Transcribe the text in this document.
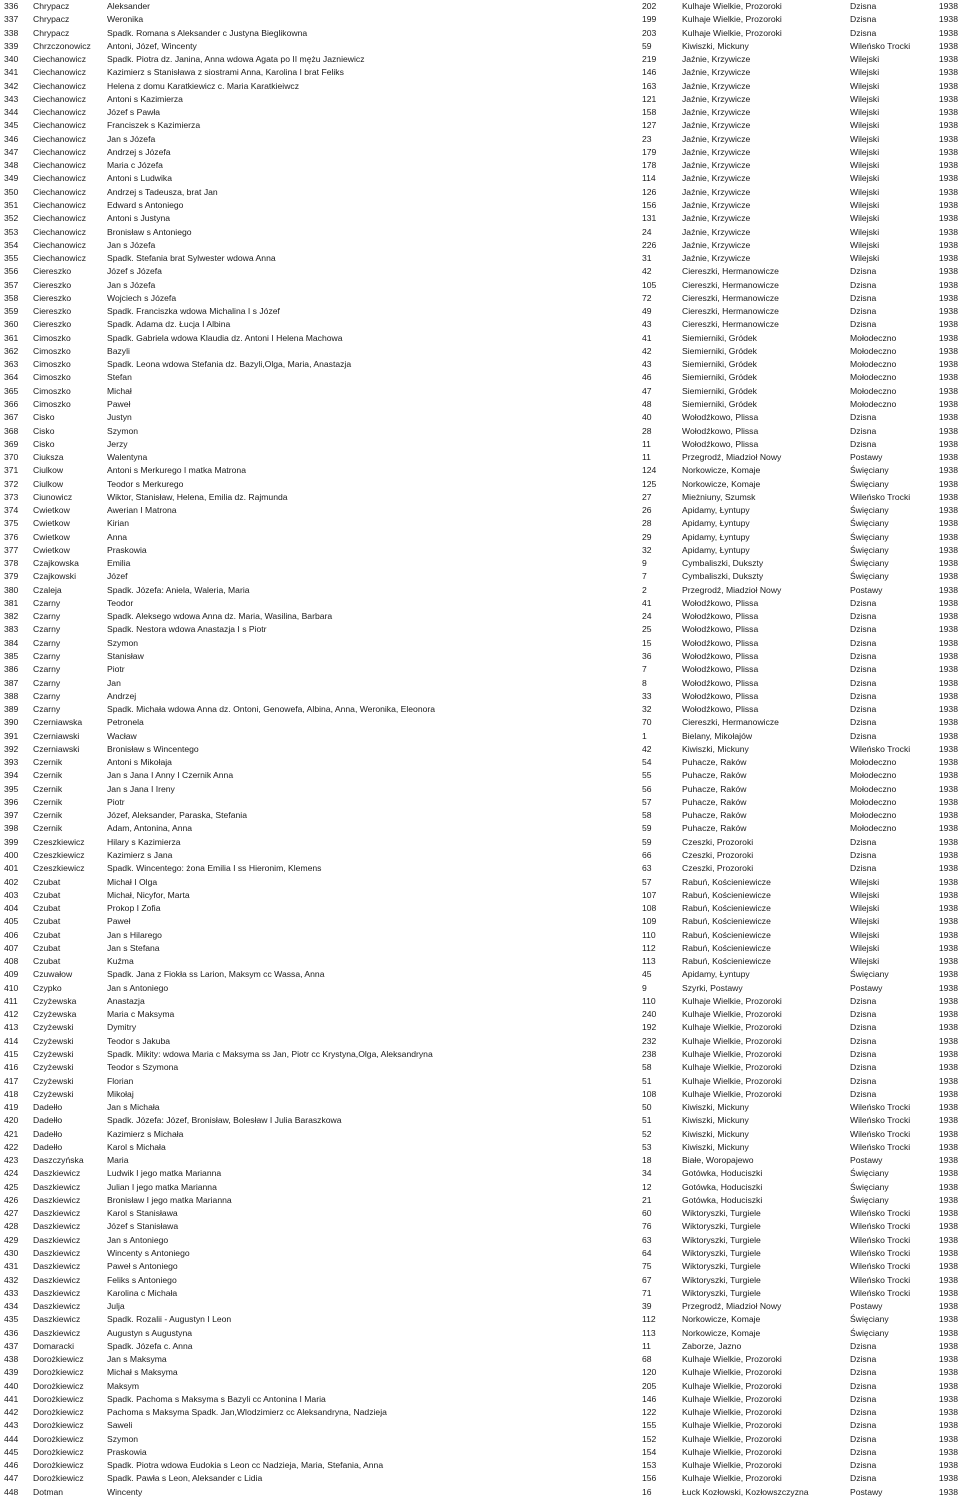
336	Chrypacz	Aleksander	202	Kulhaje Wielkie, Prozoroki	Dzisna	1938
337	Chrypacz	Weronika	199	Kulhaje Wielkie, Prozoroki	Dzisna	1938
338	Chrypacz	Spadk. Romana s Aleksander c Justyna Bieglikowna	203	Kulhaje Wielkie, Prozoroki	Dzisna	1938
339	Chrzczonowicz	Antoni, Józef, Wincenty	59	Kiwiszki, Mickuny	Wileńsko Trocki	1938
340	Ciechanowicz	Spadk. Piotra dz. Janina, Anna wdowa Agata po II mężu Jazniewicz	219	Jaźnie, Krzywicze	Wilejski	1938
341	Ciechanowicz	Kazimierz s Stanisława z siostrami Anna, Karolina I brat Feliks	146	Jaźnie, Krzywicze	Wilejski	1938
342	Ciechanowicz	Helena z domu Karatkiewicz c. Maria Karatkieiwcz	163	Jaźnie, Krzywicze	Wilejski	1938
343	Ciechanowicz	Antoni s Kazimierza	121	Jaźnie, Krzywicze	Wilejski	1938
344	Ciechanowicz	Józef s Pawła	158	Jaźnie, Krzywicze	Wilejski	1938
345	Ciechanowicz	Franciszek s Kazimierza	127	Jaźnie, Krzywicze	Wilejski	1938
346	Ciechanowicz	Jan s Józefa	23	Jaźnie, Krzywicze	Wilejski	1938
347	Ciechanowicz	Andrzej s Józefa	179	Jaźnie, Krzywicze	Wilejski	1938
348	Ciechanowicz	Maria c Józefa	178	Jaźnie, Krzywicze	Wilejski	1938
349	Ciechanowicz	Antoni s Ludwika	114	Jaźnie, Krzywicze	Wilejski	1938
350	Ciechanowicz	Andrzej s Tadeusza, brat Jan	126	Jaźnie, Krzywicze	Wilejski	1938
351	Ciechanowicz	Edward s Antoniego	156	Jaźnie, Krzywicze	Wilejski	1938
352	Ciechanowicz	Antoni s Justyna	131	Jaźnie, Krzywicze	Wilejski	1938
353	Ciechanowicz	Bronisław s Antoniego	24	Jaźnie, Krzywicze	Wilejski	1938
354	Ciechanowicz	Jan s Józefa	226	Jaźnie, Krzywicze	Wilejski	1938
355	Ciechanowicz	Spadk. Stefania brat Sylwester wdowa Anna	31	Jaźnie, Krzywicze	Wilejski	1938
356	Ciereszko	Józef s Józefa	42	Ciereszki, Hermanowicze	Dzisna	1938
357	Ciereszko	Jan s Józefa	105	Ciereszki, Hermanowicze	Dzisna	1938
358	Ciereszko	Wojciech s Józefa	72	Ciereszki, Hermanowicze	Dzisna	1938
359	Ciereszko	Spadk. Franciszka wdowa Michalina I s Józef	49	Ciereszki, Hermanowicze	Dzisna	1938
360	Ciereszko	Spadk. Adama dz. Łucja I Albina	43	Ciereszki, Hermanowicze	Dzisna	1938
361	Cimoszko	Spadk. Gabriela wdowa Klaudia dz. Antoni I Helena Machowa	41	Siemierniki, Gródek	Mołodeczno	1938
362	Cimoszko	Bazyli	42	Siemierniki, Gródek	Mołodeczno	1938
363	Cimoszko	Spadk. Leona wdowa Stefania dz. Bazyli,Olga, Maria, Anastazja	43	Siemierniki, Gródek	Mołodeczno	1938
364	Cimoszko	Stefan	46	Siemierniki, Gródek	Mołodeczno	1938
365	Cimoszko	Michał	47	Siemierniki, Gródek	Mołodeczno	1938
366	Cimoszko	Paweł	48	Siemierniki, Gródek	Mołodeczno	1938
367	Cisko	Justyn	40	Wołodźkowo, Plissa	Dzisna	1938
368	Cisko	Szymon	28	Wołodźkowo, Plissa	Dzisna	1938
369	Cisko	Jerzy	11	Wołodźkowo, Plissa	Dzisna	1938
370	Ciuksza	Walentyna	11	Przegrodź, Miadzioł Nowy	Postawy	1938
371	Ciulkow	Antoni s Merkurego I matka Matrona	124	Norkowicze, Komaje	Święciany	1938
372	Ciulkow	Teodor s Merkurego	125	Norkowicze, Komaje	Święciany	1938
373	Ciunowicz	Wiktor, Stanisław, Helena, Emilia dz. Rajmunda	27	Mieżniuny, Szumsk	Wileńsko Trocki	1938
374	Cwietkow	Awerian I Matrona	26	Apidamy, Łyntupy	Święciany	1938
375	Cwietkow	Kirian	28	Apidamy, Łyntupy	Święciany	1938
376	Cwietkow	Anna	29	Apidamy, Łyntupy	Święciany	1938
377	Cwietkow	Praskowia	32	Apidamy, Łyntupy	Święciany	1938
378	Czajkowska	Emilia	9	Cymbaliszki, Dukszty	Święciany	1938
379	Czajkowski	Józef	7	Cymbaliszki, Dukszty	Święciany	1938
380	Czaleja	Spadk. Józefa: Aniela, Waleria, Maria	2	Przegrodź, Miadzioł Nowy	Postawy	1938
381	Czarny	Teodor	41	Wołodźkowo, Plissa	Dzisna	1938
382	Czarny	Spadk. Aleksego wdowa Anna dz. Maria, Wasilina, Barbara	24	Wołodźkowo, Plissa	Dzisna	1938
383	Czarny	Spadk. Nestora wdowa Anastazja I s Piotr	25	Wołodźkowo, Plissa	Dzisna	1938
384	Czarny	Szymon	15	Wołodźkowo, Plissa	Dzisna	1938
385	Czarny	Stanisław	36	Wołodźkowo, Plissa	Dzisna	1938
386	Czarny	Piotr	7	Wołodźkowo, Plissa	Dzisna	1938
387	Czarny	Jan	8	Wołodźkowo, Plissa	Dzisna	1938
388	Czarny	Andrzej	33	Wołodźkowo, Plissa	Dzisna	1938
389	Czarny	Spadk. Michała wdowa Anna dz. Ontoni, Genowefa, Albina, Anna, Weronika, Eleonora	32	Wołodźkowo, Plissa	Dzisna	1938
390	Czerniawska	Petronela	70	Ciereszki, Hermanowicze	Dzisna	1938
391	Czerniawski	Wacław	1	Bielany, Mikołajów	Dzisna	1938
392	Czerniawski	Bronisław s Wincentego	42	Kiwiszki, Mickuny	Wileńsko Trocki	1938
393	Czernik	Antoni s Mikołaja	54	Puhacze, Raków	Mołodeczno	1938
394	Czernik	Jan s Jana I Anny I Czernik Anna	55	Puhacze, Raków	Mołodeczno	1938
395	Czernik	Jan s Jana I Ireny	56	Puhacze, Raków	Mołodeczno	1938
396	Czernik	Piotr	57	Puhacze, Raków	Mołodeczno	1938
397	Czernik	Józef, Aleksander, Paraska, Stefania	58	Puhacze, Raków	Mołodeczno	1938
398	Czernik	Adam, Antonina, Anna	59	Puhacze, Raków	Mołodeczno	1938
399	Czeszkiewicz	Hilary s Kazimierza	59	Czeszki, Prozoroki	Dzisna	1938
400	Czeszkiewicz	Kazimierz s Jana	66	Czeszki, Prozoroki	Dzisna	1938
401	Czeszkiewicz	Spadk. Wincentego: żona Emilia I ss Hieronim, Klemens	63	Czeszki, Prozoroki	Dzisna	1938
402	Czubat	Michał I Olga	57	Rabuń, Kościeniewicze	Wilejski	1938
403	Czubat	Michał, Nicyfor, Marta	107	Rabuń, Kościeniewicze	Wilejski	1938
404	Czubat	Prokop I Zofia	108	Rabuń, Kościeniewicze	Wilejski	1938
405	Czubat	Paweł	109	Rabuń, Kościeniewicze	Wilejski	1938
406	Czubat	Jan s Hilarego	110	Rabuń, Kościeniewicze	Wilejski	1938
407	Czubat	Jan s Stefana	112	Rabuń, Kościeniewicze	Wilejski	1938
408	Czubat	Kuźma	113	Rabuń, Kościeniewicze	Wilejski	1938
409	Czuwałow	Spadk. Jana z Fiokła ss Larion, Maksym cc Wassa, Anna	45	Apidamy, Łyntupy	Święciany	1938
410	Czypko	Jan s Antoniego	9	Szyrki, Postawy	Postawy	1938
411	Czyżewska	Anastazja	110	Kulhaje Wielkie, Prozoroki	Dzisna	1938
412	Czyżewska	Maria c Maksyma	240	Kulhaje Wielkie, Prozoroki	Dzisna	1938
413	Czyżewski	Dymitry	192	Kulhaje Wielkie, Prozoroki	Dzisna	1938
414	Czyżewski	Teodor s Jakuba	232	Kulhaje Wielkie, Prozoroki	Dzisna	1938
415	Czyżewski	Spadk. Mikity: wdowa Maria c Maksyma ss Jan, Piotr cc Krystyna,Olga, Aleksandryna	238	Kulhaje Wielkie, Prozoroki	Dzisna	1938
416	Czyżewski	Teodor s Szymona	58	Kulhaje Wielkie, Prozoroki	Dzisna	1938
417	Czyżewski	Florian	51	Kulhaje Wielkie, Prozoroki	Dzisna	1938
418	Czyżewski	Mikołaj	108	Kulhaje Wielkie, Prozoroki	Dzisna	1938
419	Dadełło	Jan s Michała	50	Kiwiszki, Mickuny	Wileńsko Trocki	1938
420	Dadełło	Spadk. Józefa: Józef, Bronisław, Bolesław I Julia Baraszkowa	51	Kiwiszki, Mickuny	Wileńsko Trocki	1938
421	Dadełło	Kazimierz s Michała	52	Kiwiszki, Mickuny	Wileńsko Trocki	1938
422	Dadełło	Karol s Michała	53	Kiwiszki, Mickuny	Wileńsko Trocki	1938
423	Daszczyńska	Maria	18	Białe, Woropajewo	Postawy	1938
424	Daszkiewicz	Ludwik I jego matka Marianna	34	Gotówka, Hoduciszki	Święciany	1938
425	Daszkiewicz	Julian I jego matka Marianna	12	Gotówka, Hoduciszki	Święciany	1938
426	Daszkiewicz	Bronisław I jego matka Marianna	21	Gotówka, Hoduciszki	Święciany	1938
427	Daszkiewicz	Karol s Stanisława	60	Wiktoryszki, Turgiele	Wileńsko Trocki	1938
428	Daszkiewicz	Józef s Stanisława	76	Wiktoryszki, Turgiele	Wileńsko Trocki	1938
429	Daszkiewicz	Jan s Antoniego	63	Wiktoryszki, Turgiele	Wileńsko Trocki	1938
430	Daszkiewicz	Wincenty s Antoniego	64	Wiktoryszki, Turgiele	Wileńsko Trocki	1938
431	Daszkiewicz	Paweł s Antoniego	75	Wiktoryszki, Turgiele	Wileńsko Trocki	1938
432	Daszkiewicz	Feliks s Antoniego	67	Wiktoryszki, Turgiele	Wileńsko Trocki	1938
433	Daszkiewicz	Karolina c Michała	71	Wiktoryszki, Turgiele	Wileńsko Trocki	1938
434	Daszkiewicz	Julja	39	Przegrodź, Miadzioł Nowy	Postawy	1938
435	Daszkiewicz	Spadk. Rozalii - Augustyn I Leon	112	Norkowicze, Komaje	Święciany	1938
436	Daszkiewicz	Augustyn s Augustyna	113	Norkowicze, Komaje	Święciany	1938
437	Domaracki	Spadk. Józefa c. Anna	11	Zaborze, Jazno	Dzisna	1938
438	Dorożkiewicz	Jan s Maksyma	68	Kulhaje Wielkie, Prozoroki	Dzisna	1938
439	Dorożkiewicz	Michał s Maksyma	120	Kulhaje Wielkie, Prozoroki	Dzisna	1938
440	Dorożkiewicz	Maksym	205	Kulhaje Wielkie, Prozoroki	Dzisna	1938
441	Dorożkiewicz	Spadk. Pachoma s Maksyma s Bazyli cc Antonina I Maria	146	Kulhaje Wielkie, Prozoroki	Dzisna	1938
442	Dorożkiewicz	Pachoma s Maksyma Spadk. Jan,Wlodzimierz cc Aleksandryna, Nadzieja	122	Kulhaje Wielkie, Prozoroki	Dzisna	1938
443	Dorożkiewicz	Saweli	155	Kulhaje Wielkie, Prozoroki	Dzisna	1938
444	Dorożkiewicz	Szymon	152	Kulhaje Wielkie, Prozoroki	Dzisna	1938
445	Dorożkiewicz	Praskowia	154	Kulhaje Wielkie, Prozoroki	Dzisna	1938
446	Dorożkiewicz	Spadk. Piotra wdowa Eudokia s Leon cc Nadzieja, Maria, Stefania, Anna	153	Kulhaje Wielkie, Prozoroki	Dzisna	1938
447	Dorożkiewicz	Spadk. Pawła s Leon, Aleksander c Lidia	156	Kulhaje Wielkie, Prozoroki	Dzisna	1938
448	Dotman	Wincenty	16	Łuck Kozłowski, Kozłowszczyzna	Postawy	1938
